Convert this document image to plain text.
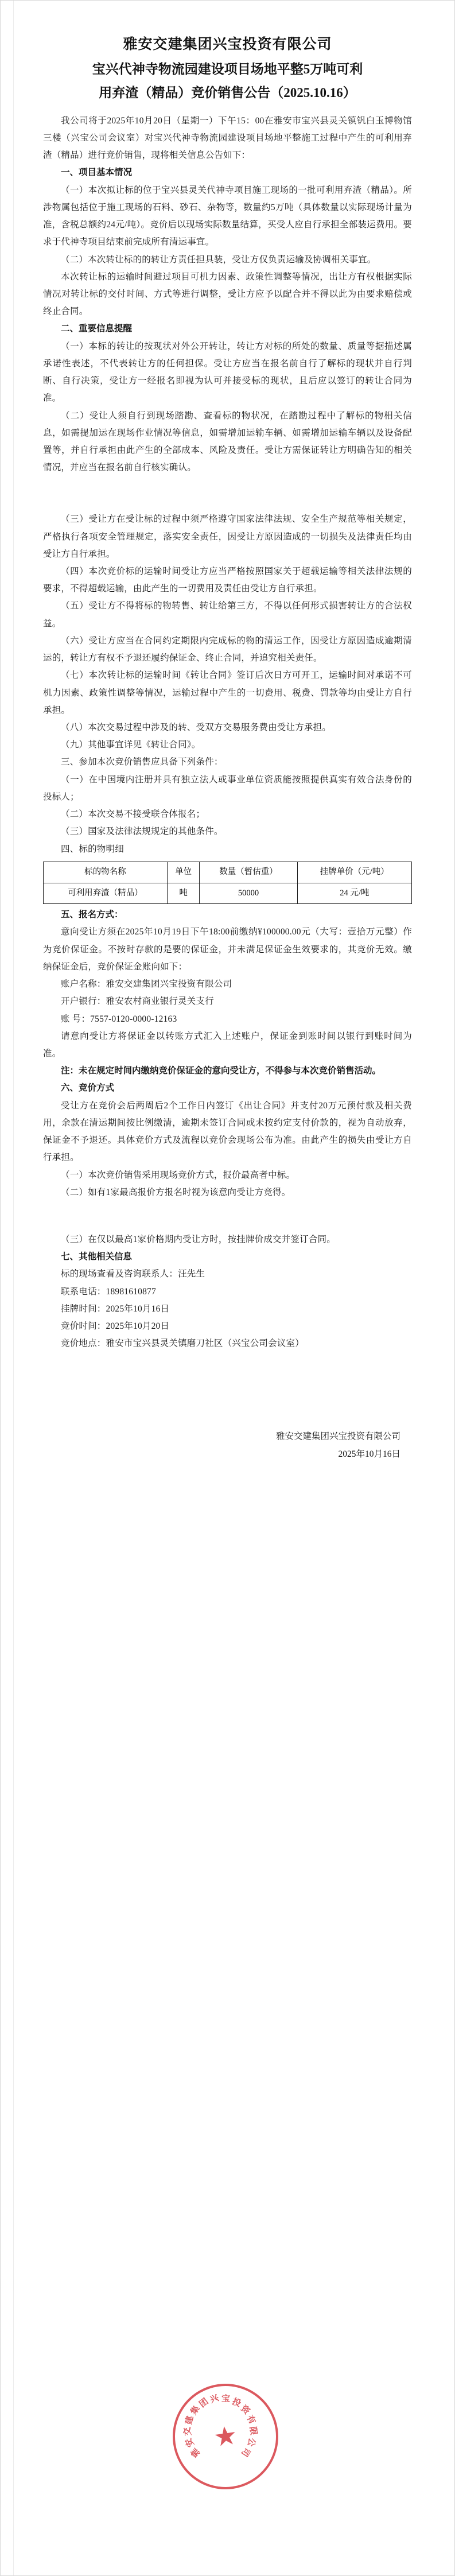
雅安交建集团兴宝投资有限公司
宝兴代神寺物流园建设项目场地平整5万吨可利
用弃渣（精品）竞价销售公告（2025.10.16）

我公司将于2025年10月20日（星期一）下午15：00在雅安市宝兴县灵关镇钒白玉博物馆三楼（兴宝公司会议室）对宝兴代神寺物流园建设项目场地平整施工过程中产生的可利用弃渣（精品）进行竞价销售，现将相关信息公告如下：

一、项目基本情况

（一）本次拟让标的位于宝兴县灵关代神寺项目施工现场的一批可利用弃渣（精品）。所涉物属包括位于施工现场的石料、砂石、杂物等，数量约5万吨（具体数量以实际现场计量为准，含税总额约24元/吨）。竞价后以现场实际数量结算，买受人应自行承担全部装运费用。要求于代神寺项目结束前完成所有清运事宜。

（二）本次转让标的的转让方责任担具装，受让方仅负责运输及协调相关事宜。

本次转让标的运输时间避过项目可机力因素、政策性调整等情况，出让方有权根据实际情况对转让标的交付时间、方式等进行调整，受让方应予以配合并不得以此为由要求赔偿或终止合同。

二、重要信息提醒

（一）本标的转让的按现状对外公开转让，转让方对标的所处的数量、质量等据描述属承诺性表述，不代表转让方的任何担保。受让方应当在报名前自行了解标的现状并自行判断、自行决策，受让方一经报名即视为认可并接受标的现状，且后应以签订的转让合同为准。

（二）受让人须自行到现场踏勘、查看标的物状况，在踏勘过程中了解标的物相关信息，如需提加运在现场作业情况等信息，如需增加运输车辆、如需增加运输车辆以及设备配置等，并自行承担由此产生的全部成本、风险及责任。受让方需保证转让方明确告知的相关情况，并应当在报名前自行核实确认。

（三）受让方在受让标的过程中须严格遵守国家法律法规、安全生产规范等相关规定，严格执行各项安全管理规定，落实安全责任，因受让方原因造成的一切损失及法律责任均由受让方自行承担。

（四）本次竞价标的运输时间受让方应当严格按照国家关于超载运输等相关法律法规的要求，不得超载运输，由此产生的一切费用及责任由受让方自行承担。

（五）受让方不得将标的物转售、转让给第三方，不得以任何形式损害转让方的合法权益。

（六）受让方应当在合同约定期限内完成标的物的清运工作，因受让方原因造成逾期清运的，转让方有权不予退还履约保证金、终止合同，并追究相关责任。

（七）本次转让标的运输时间《转让合同》签订后次日方可开工，运输时间对承诺不可机力因素、政策性调整等情况，运输过程中产生的一切费用、税费、罚款等均由受让方自行承担。

（八）本次交易过程中涉及的转、受双方交易服务费由受让方承担。

（九）其他事宜详见《转让合同》。

三、参加本次竞价销售应具备下列条件：

（一）在中国境内注册并具有独立法人或事业单位资质能按照提供真实有效合法身份的投标人；

（二）本次交易不接受联合体报名；

（三）国家及法律法规规定的其他条件。

四、标的物明细

标的物名称	单位	数量（暂估重）	挂牌单价（元/吨）
可利用弃渣（精品）	吨	50000	24 元/吨

五、报名方式：

意向受让方须在2025年10月19日下午18:00前缴纳¥100000.00元（大写：壹拾万元整）作为竞价保证金。不按时存款的是要的保证金，并未满足保证金生效要求的，其竞价无效。缴纳保证金后，竞价保证金账向如下：

账户名称：雅安交建集团兴宝投资有限公司

开户银行：雅安农村商业银行灵关支行

账 号：7557-0120-0000-12163

请意向受让方将保证金以转账方式汇入上述账户，保证金到账时间以银行到账时间为准。

注：未在规定时间内缴纳竞价保证金的意向受让方，不得参与本次竞价销售活动。

六、竞价方式

受让方在竞价会后两周后2个工作日内签订《出让合同》并支付20万元预付款及相关费用，余款在清运期间按比例缴清，逾期未签订合同或未按约定支付价款的，视为自动放弃，保证金不予退还。具体竞价方式及流程以竞价会现场公布为准。由此产生的损失由受让方自行承担。

（一）本次竞价销售采用现场竞价方式，报价最高者中标。

（二）如有1家最高报价方报名时视为该意向受让方竞得。

（三）在仅以最高1家价格期内受让方时，按挂牌价成交并签订合同。

七、其他相关信息

标的现场查看及咨询联系人：汪先生

联系电话：18981610877

挂牌时间：2025年10月16日

竞价时间：2025年10月20日

竞价地点：雅安市宝兴县灵关镇磨刀社区（兴宝公司会议室）

雅安交建集团兴宝投资有限公司
2025年10月16日
★
雅
安
交
建
集
团
兴 宝 投
资
有
限
公
司
